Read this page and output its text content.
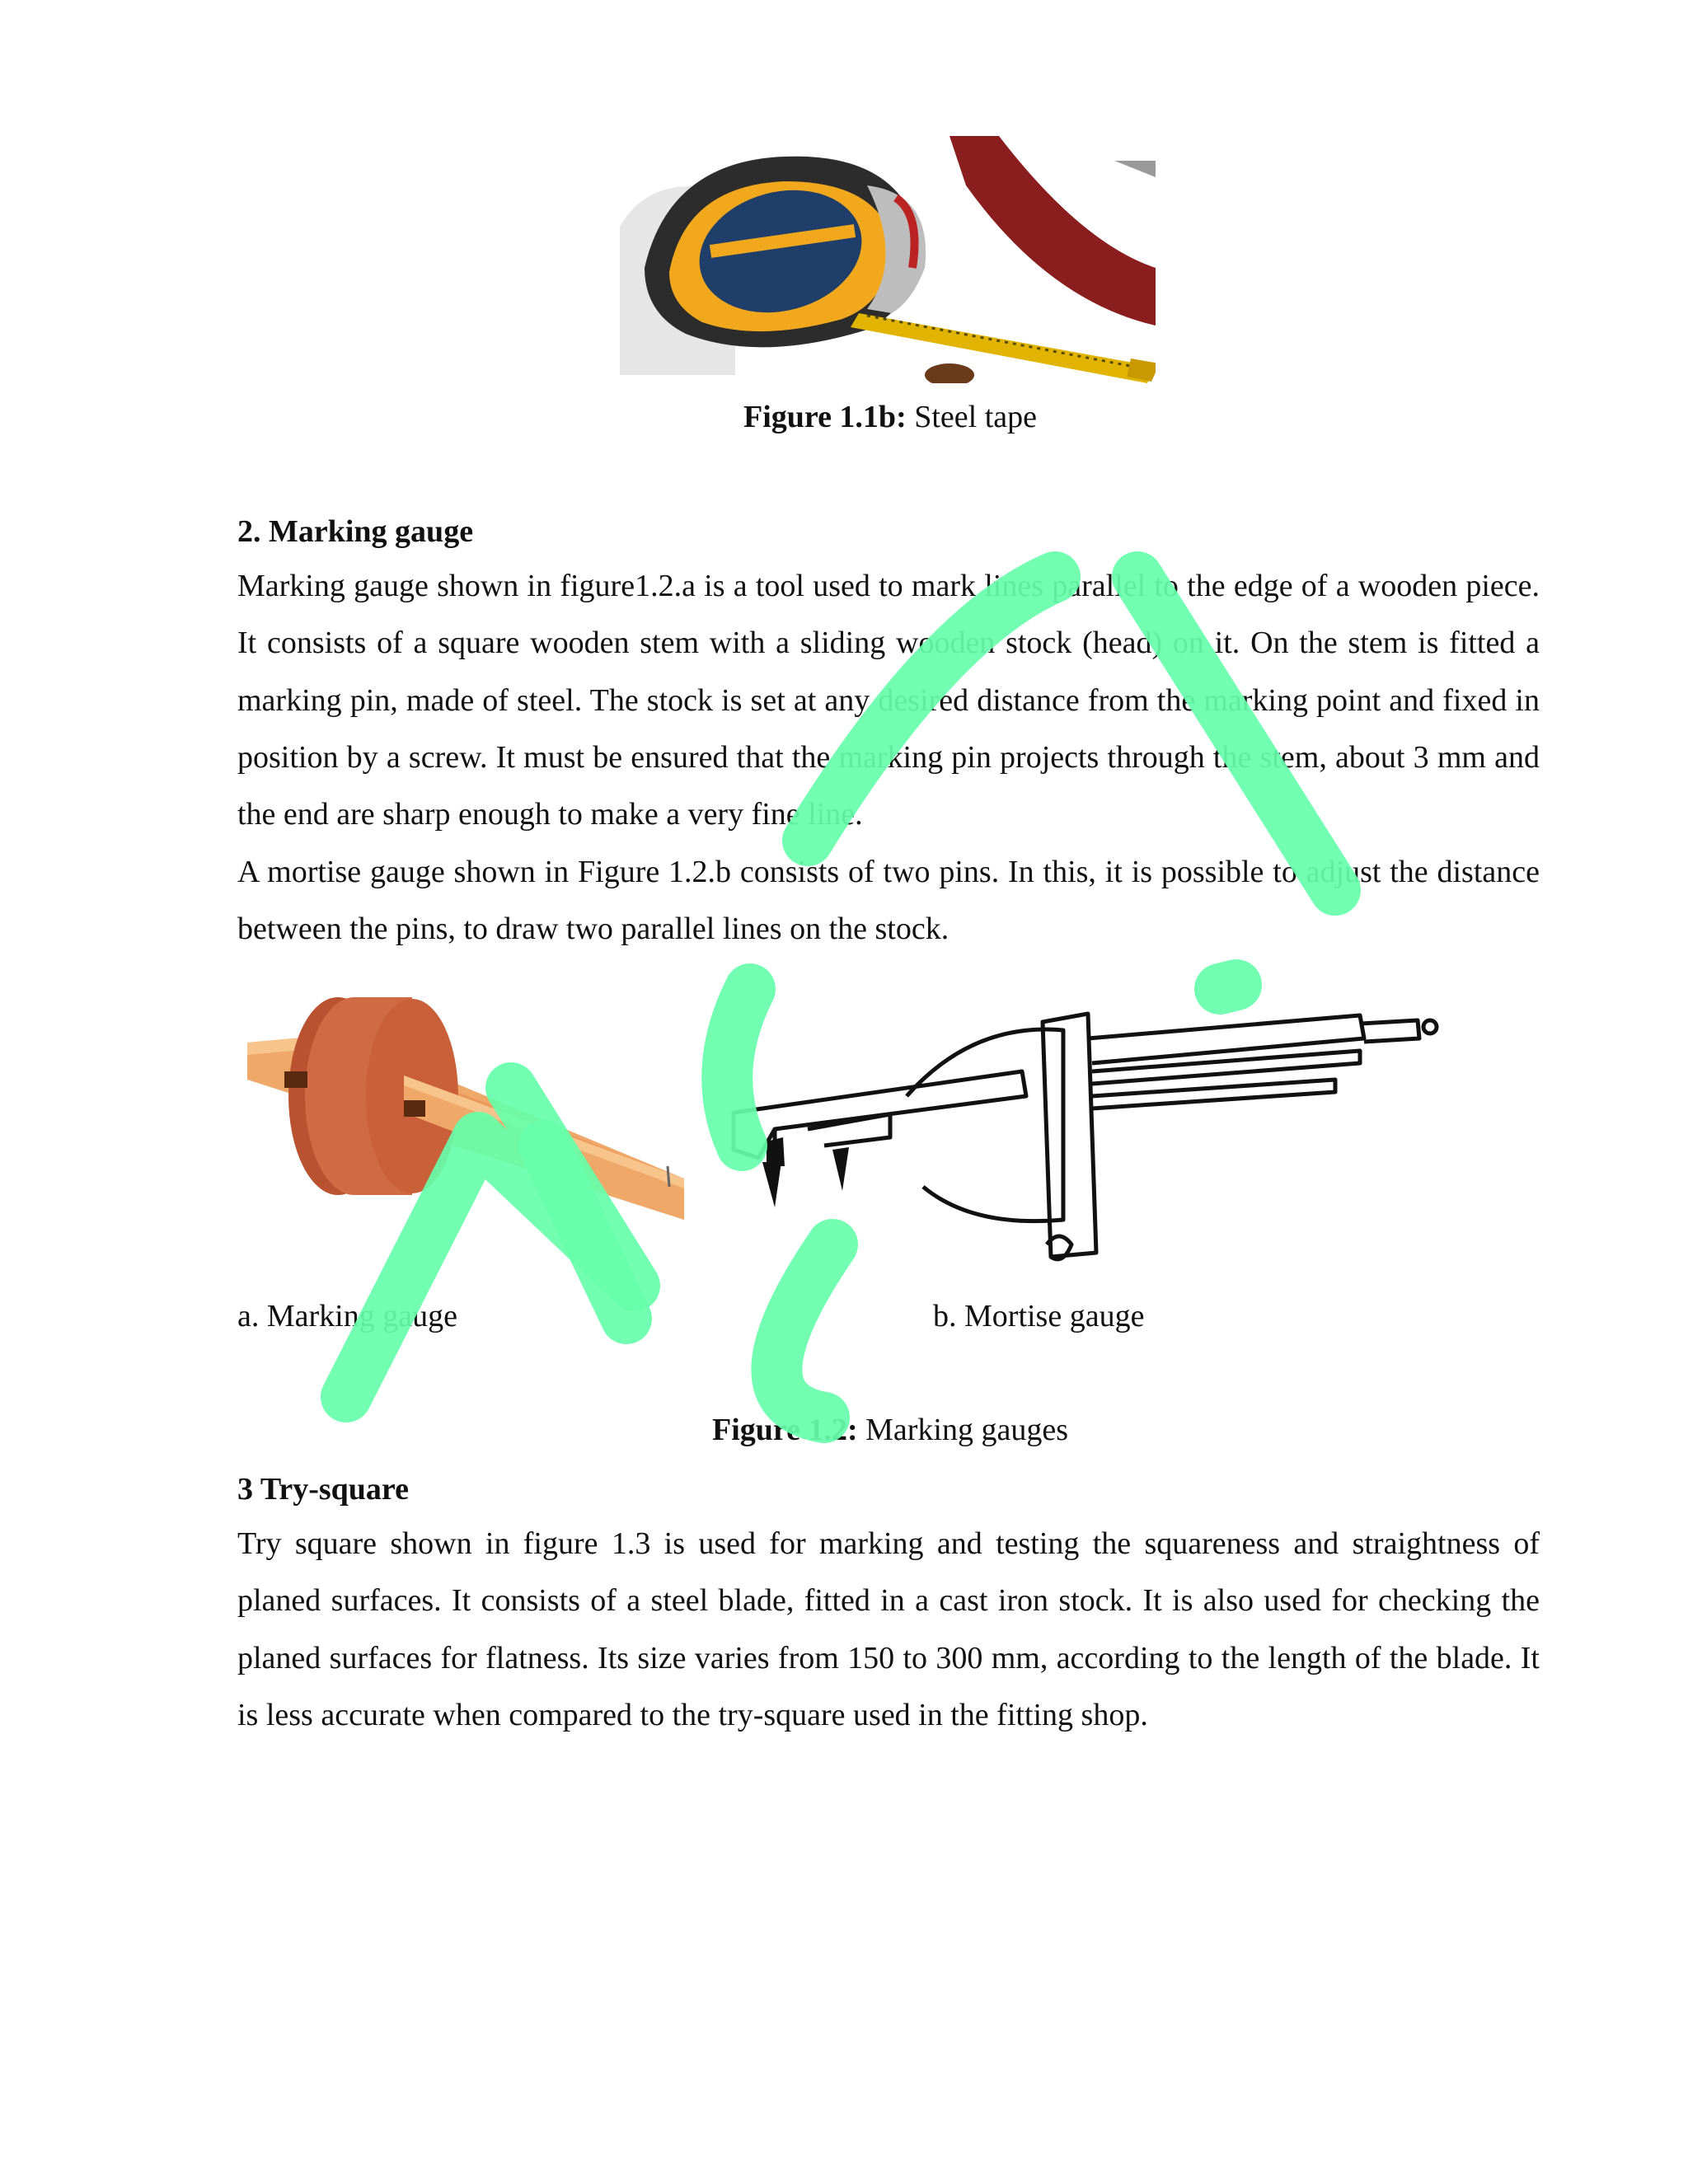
Figure 1.1b: Steel tape
2. Marking gauge

Marking gauge shown in figure1.2.a is a tool used to mark lines parallel to the edge of a wooden piece. It consists of a square wooden stem with a sliding wooden stock (head) on it. On the stem is fitted a marking pin, made of steel. The stock is set at any desired distance from the marking point and fixed in position by a screw. It must be ensured that the marking pin projects through the stem, about 3 mm and the end are sharp enough to make a very fine line.

A mortise gauge shown in Figure 1.2.b consists of two pins. In this, it is possible to adjust the distance between the pins, to draw two parallel lines on the stock.

a. Marking gauge	b. Mortise gauge
Figure 1.2: Marking gauges
3 Try-square

Try square shown in figure 1.3 is used for marking and testing the squareness and straightness of planed surfaces. It consists of a steel blade, fitted in a cast iron stock. It is also used for checking the planed surfaces for flatness. Its size varies from 150 to 300 mm, according to the length of the blade. It is less accurate when compared to the try-square used in the fitting shop.
